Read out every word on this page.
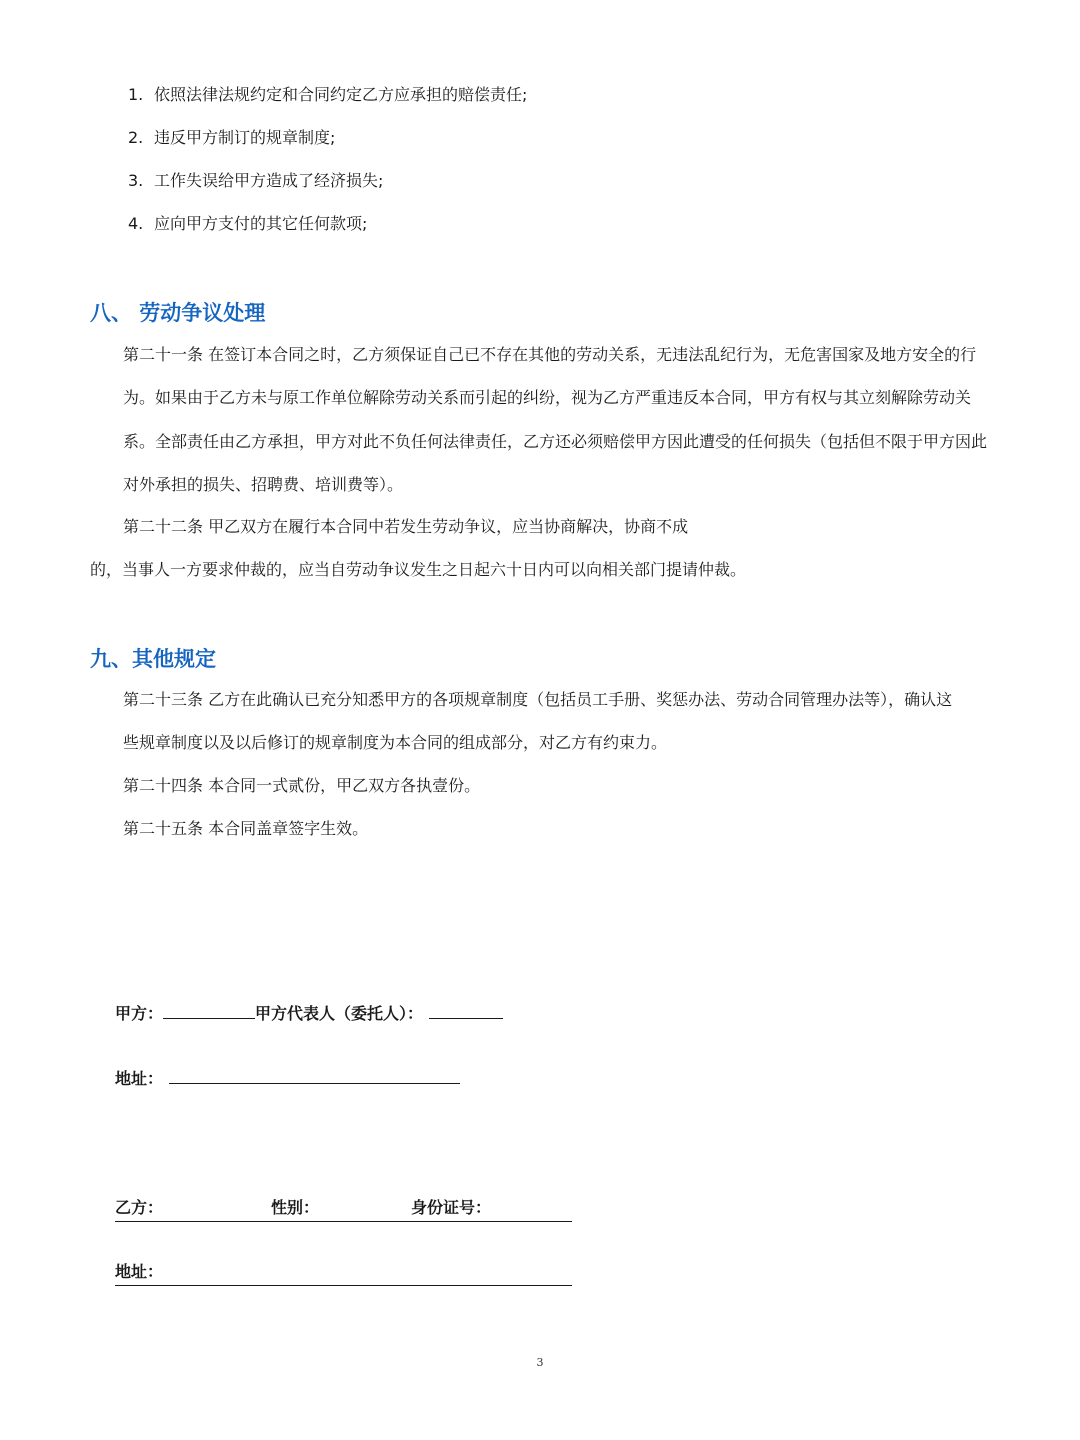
1. 依照法律法规约定和合同约定乙方应承担的赔偿责任;
2. 违反甲方制订的规章制度;
3. 工作失误给甲方造成了经济损失;
4. 应向甲方支付的其它任何款项;
八、 劳动争议处理

第二十一条 在签订本合同之时，乙方须保证自己已不存在其他的劳动关系，无违法乱纪行为，无危害国家及地方安全的行为。如果由于乙方未与原工作单位解除劳动关系而引起的纠纷，视为乙方严重违反本合同，甲方有权与其立刻解除劳动关系。全部责任由乙方承担，甲方对此不负任何法律责任，乙方还必须赔偿甲方因此遭受的任何损失（包括但不限于甲方因此对外承担的损失、招聘费、培训费等）。

第二十二条 甲乙双方在履行本合同中若发生劳动争议，应当协商解决，协商不成
的，当事人一方要求仲裁的，应当自劳动争议发生之日起六十日内可以向相关部门提请仲裁。
九、其他规定
第二十三条 乙方在此确认已充分知悉甲方的各项规章制度（包括员工手册、奖惩办法、劳动合同管理办法等），确认这
些规章制度以及以后修订的规章制度为本合同的组成部分，对乙方有约束力。
第二十四条 本合同一式贰份，甲乙双方各执壹份。
第二十五条 本合同盖章签字生效。
甲方：	甲方代表人（委托人）：
地址：
乙方：	性别：	身份证号：
地址：
3
